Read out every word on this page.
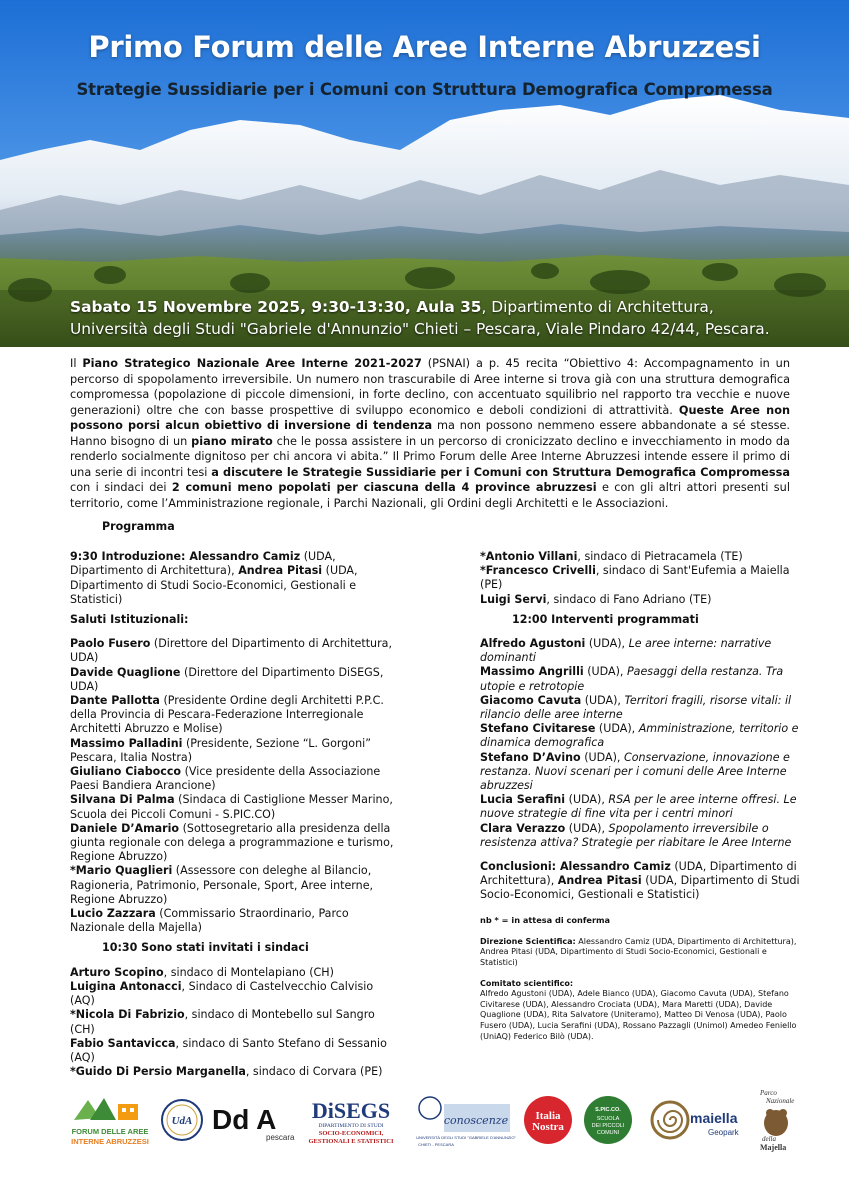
Primo Forum delle Aree Interne Abruzzesi
Strategie Sussidiarie per i Comuni con Struttura Demografica Compromessa
Sabato 15 Novembre 2025, 9:30-13:30, Aula 35, Dipartimento di Architettura, Università degli Studi "Gabriele d'Annunzio" Chieti – Pescara, Viale Pindaro 42/44, Pescara.
Il Piano Strategico Nazionale Aree Interne 2021-2027 (PSNAI) a p. 45 recita “Obiettivo 4: Accompagnamento in un percorso di spopolamento irreversibile. Un numero non trascurabile di Aree interne si trova già con una struttura demografica compromessa (popolazione di piccole dimensioni, in forte declino, con accentuato squilibrio nel rapporto tra vecchie e nuove generazioni) oltre che con basse prospettive di sviluppo economico e deboli condizioni di attrattività. Queste Aree non possono porsi alcun obiettivo di inversione di tendenza ma non possono nemmeno essere abbandonate a sé stesse. Hanno bisogno di un piano mirato che le possa assistere in un percorso di cronicizzato declino e invecchiamento in modo da renderlo socialmente dignitoso per chi ancora vi abita.” Il Primo Forum delle Aree Interne Abruzzesi intende essere il primo di una serie di incontri tesi a discutere le Strategie Sussidiarie per i Comuni con Struttura Demografica Compromessa con i sindaci dei 2 comuni meno popolati per ciascuna della 4 province abruzzesi e con gli altri attori presenti sul territorio, come l’Amministrazione regionale, i Parchi Nazionali, gli Ordini degli Architetti e le Associazioni.

Programma

9:30 Introduzione: Alessandro Camiz (UDA, Dipartimento di Architettura), Andrea Pitasi (UDA, Dipartimento di Studi Socio-Economici, Gestionali e Statistici)

Saluti Istituzionali:

Paolo Fusero (Direttore del Dipartimento di Architettura, UDA)

Davide Quaglione (Direttore del Dipartimento DiSEGS, UDA)

Dante Pallotta (Presidente Ordine degli Architetti P.P.C. della Provincia di Pescara-Federazione Interregionale Architetti Abruzzo e Molise)

Massimo Palladini (Presidente, Sezione “L. Gorgoni” Pescara, Italia Nostra)

Giuliano Ciabocco (Vice presidente della Associazione Paesi Bandiera Arancione)

Silvana Di Palma (Sindaca di Castiglione Messer Marino, Scuola dei Piccoli Comuni - S.PIC.CO)

Daniele D’Amario (Sottosegretario alla presidenza della giunta regionale con delega a programmazione e turismo, Regione Abruzzo)

*Mario Quaglieri (Assessore con deleghe al Bilancio, Ragioneria, Patrimonio, Personale, Sport, Aree interne, Regione Abruzzo)

Lucio Zazzara (Commissario Straordinario, Parco Nazionale della Majella)

10:30 Sono stati invitati i sindaci

Arturo Scopino, sindaco di Montelapiano (CH)

Luigina Antonacci, Sindaco di Castelvecchio Calvisio (AQ)

*Nicola Di Fabrizio, sindaco di Montebello sul Sangro (CH)

Fabio Santavicca, sindaco di Santo Stefano di Sessanio (AQ)

*Guido Di Persio Marganella, sindaco di Corvara (PE)

*Antonio Villani, sindaco di Pietracamela (TE)

*Francesco Crivelli, sindaco di Sant'Eufemia a Maiella (PE)

Luigi Servi, sindaco di Fano Adriano (TE)

12:00 Interventi programmati

Alfredo Agustoni (UDA), Le aree interne: narrative dominanti

Massimo Angrilli (UDA), Paesaggi della restanza. Tra utopie e retrotopie

Giacomo Cavuta (UDA), Territori fragili, risorse vitali: il rilancio delle aree interne

Stefano Civitarese (UDA), Amministrazione, territorio e dinamica demografica

Stefano D’Avino (UDA), Conservazione, innovazione e restanza. Nuovi scenari per i comuni delle Aree Interne abruzzesi

Lucia Serafini (UDA), RSA per le aree interne offresi. Le nuove strategie di fine vita per i centri minori

Clara Verazzo (UDA), Spopolamento irreversibile o resistenza attiva? Strategie per riabitare le Aree Interne

Conclusioni: Alessandro Camiz (UDA, Dipartimento di Architettura), Andrea Pitasi (UDA, Dipartimento di Studi Socio-Economici, Gestionali e Statistici)

nb * = in attesa di conferma

Direzione Scientifica: Alessandro Camiz (UDA, Dipartimento di Architettura), Andrea Pitasi (UDA, Dipartimento di Studi Socio-Economici, Gestionali e Statistici)

Comitato scientifico:

Alfredo Agustoni (UDA), Adele Bianco (UDA), Giacomo Cavuta (UDA), Stefano Civitarese (UDA), Alessandro Crociata (UDA), Mara Maretti (UDA), Davide Quaglione (UDA), Rita Salvatore (Uniteramo), Matteo Di Venosa (UDA), Paolo Fusero (UDA), Lucia Serafini (UDA), Rossano Pazzagli (Unimol) Amedeo Feniello (UniAQ) Federico Bilò (UDA).

FORUM DELLE AREE
INTERNE ABRUZZESI
UdA Dd A
pescara
DiSEGS
DIPARTIMENTO DI STUDI
SOCIO-ECONOMICI,
GESTIONALI E STATISTICI
conoscenze
UNIVERSITÀ DEGLI STUDI "GABRIELE D'ANNUNZIO"
CHIETI - PESCARA
Italia
Nostra
S.PIC.CO.
SCUOLA
DEI PICCOLI
COMUNI
maiella
Geopark
Parco
Nazionale
della
Majella
